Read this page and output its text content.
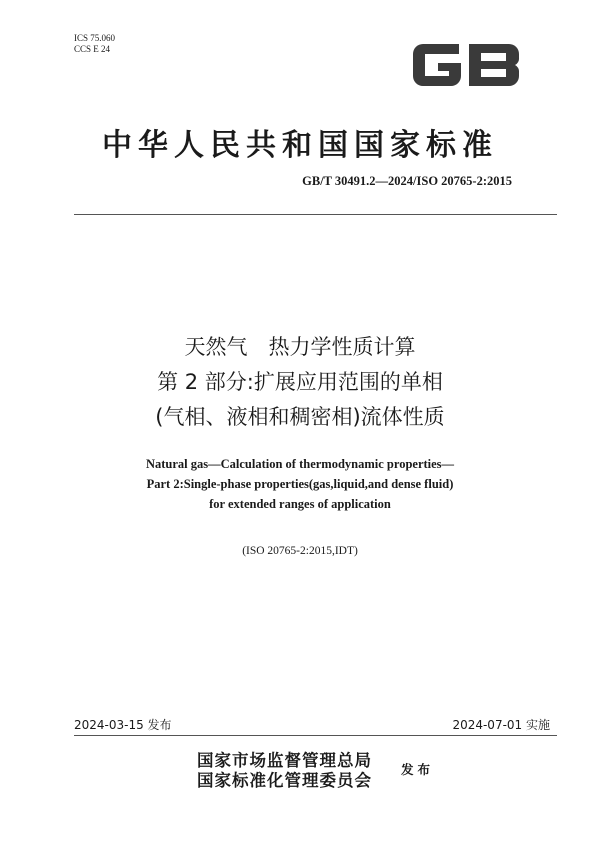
ICS 75.060
CCS E 24
中华人民共和国国家标准
GB/T 30491.2—2024/ISO 20765-2:2015
天然气　热力学性质计算
第 2 部分:扩展应用范围的单相
(气相、液相和稠密相)流体性质
Natural gas—Calculation of thermodynamic properties—
Part 2:Single-phase properties(gas,liquid,and dense fluid)
for extended ranges of application
(ISO 20765-2:2015,IDT)
2024-03-15 发布	2024-07-01 实施
国家市场监督管理总局
国家标准化管理委员会
发布
